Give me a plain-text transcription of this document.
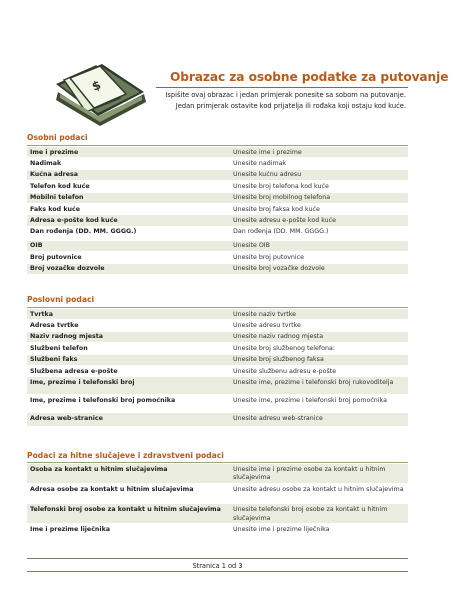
$
Obrazac za osobne podatke za putovanje
Ispišite ovaj obrazac i jedan primjerak ponesite sa sobom na putovanje. Jedan primjerak ostavite kod prijatelja ili rođaka koji ostaju kod kuće.
Osobni podaci
Ime i prezime	Unesite ime i prezime
Nadimak	Unesite nadimak
Kućna adresa	Unesite kućnu adresu
Telefon kod kuće	Unesite broj telefona kod kuće
Mobilni telefon	Unesite broj mobilnog telefona
Faks kod kuće	Unesite broj faksa kod kuće
Adresa e-pošte kod kuće	Unesite adresu e-pošte kod kuće
Dan rođenja (DD. MM. GGGG.)	Dan rođenja (DD. MM. GGGG.)
OIB	Unesite OIB
Broj putovnice	Unesite broj putovnice
Broj vozačke dozvole	Unesite broj vozačke dozvole
Poslovni podaci
Tvrtka	Unesite naziv tvrtke
Adresa tvrtke	Unesite adresu tvrtke
Naziv radnog mjesta	Unesite naziv radnog mjesta
Službeni telefon	Unesite broj službenog telefona:
Službeni faks	Unesite broj službenog faksa
Službena adresa e-pošte	Unesite službenu adresu e-pošte
Ime, prezime i telefonski broj	Unesite ime, prezime i telefonski broj rukovoditelja
Ime, prezime i telefonski broj pomoćnika	Unesite ime, prezime i telefonski broj pomoćnika
Adresa web-stranice	Unesite adresu web-stranice
Podaci za hitne slučajeve i zdravstveni podaci
Osoba za kontakt u hitnim slučajevima	Unesite ime i prezime osobe za kontakt u hitnim slučajevima
Adresa osobe za kontakt u hitnim slučajevima	Unesite adresu osobe za kontakt u hitnim slučajevima
Telefonski broj osobe za kontakt u hitnim slučajevima	Unesite telefonski broj osobe za kontakt u hitnim slučajevima
Ime i prezime liječnika	Unesite ime i prezime liječnika
Stranica 1 od 3
